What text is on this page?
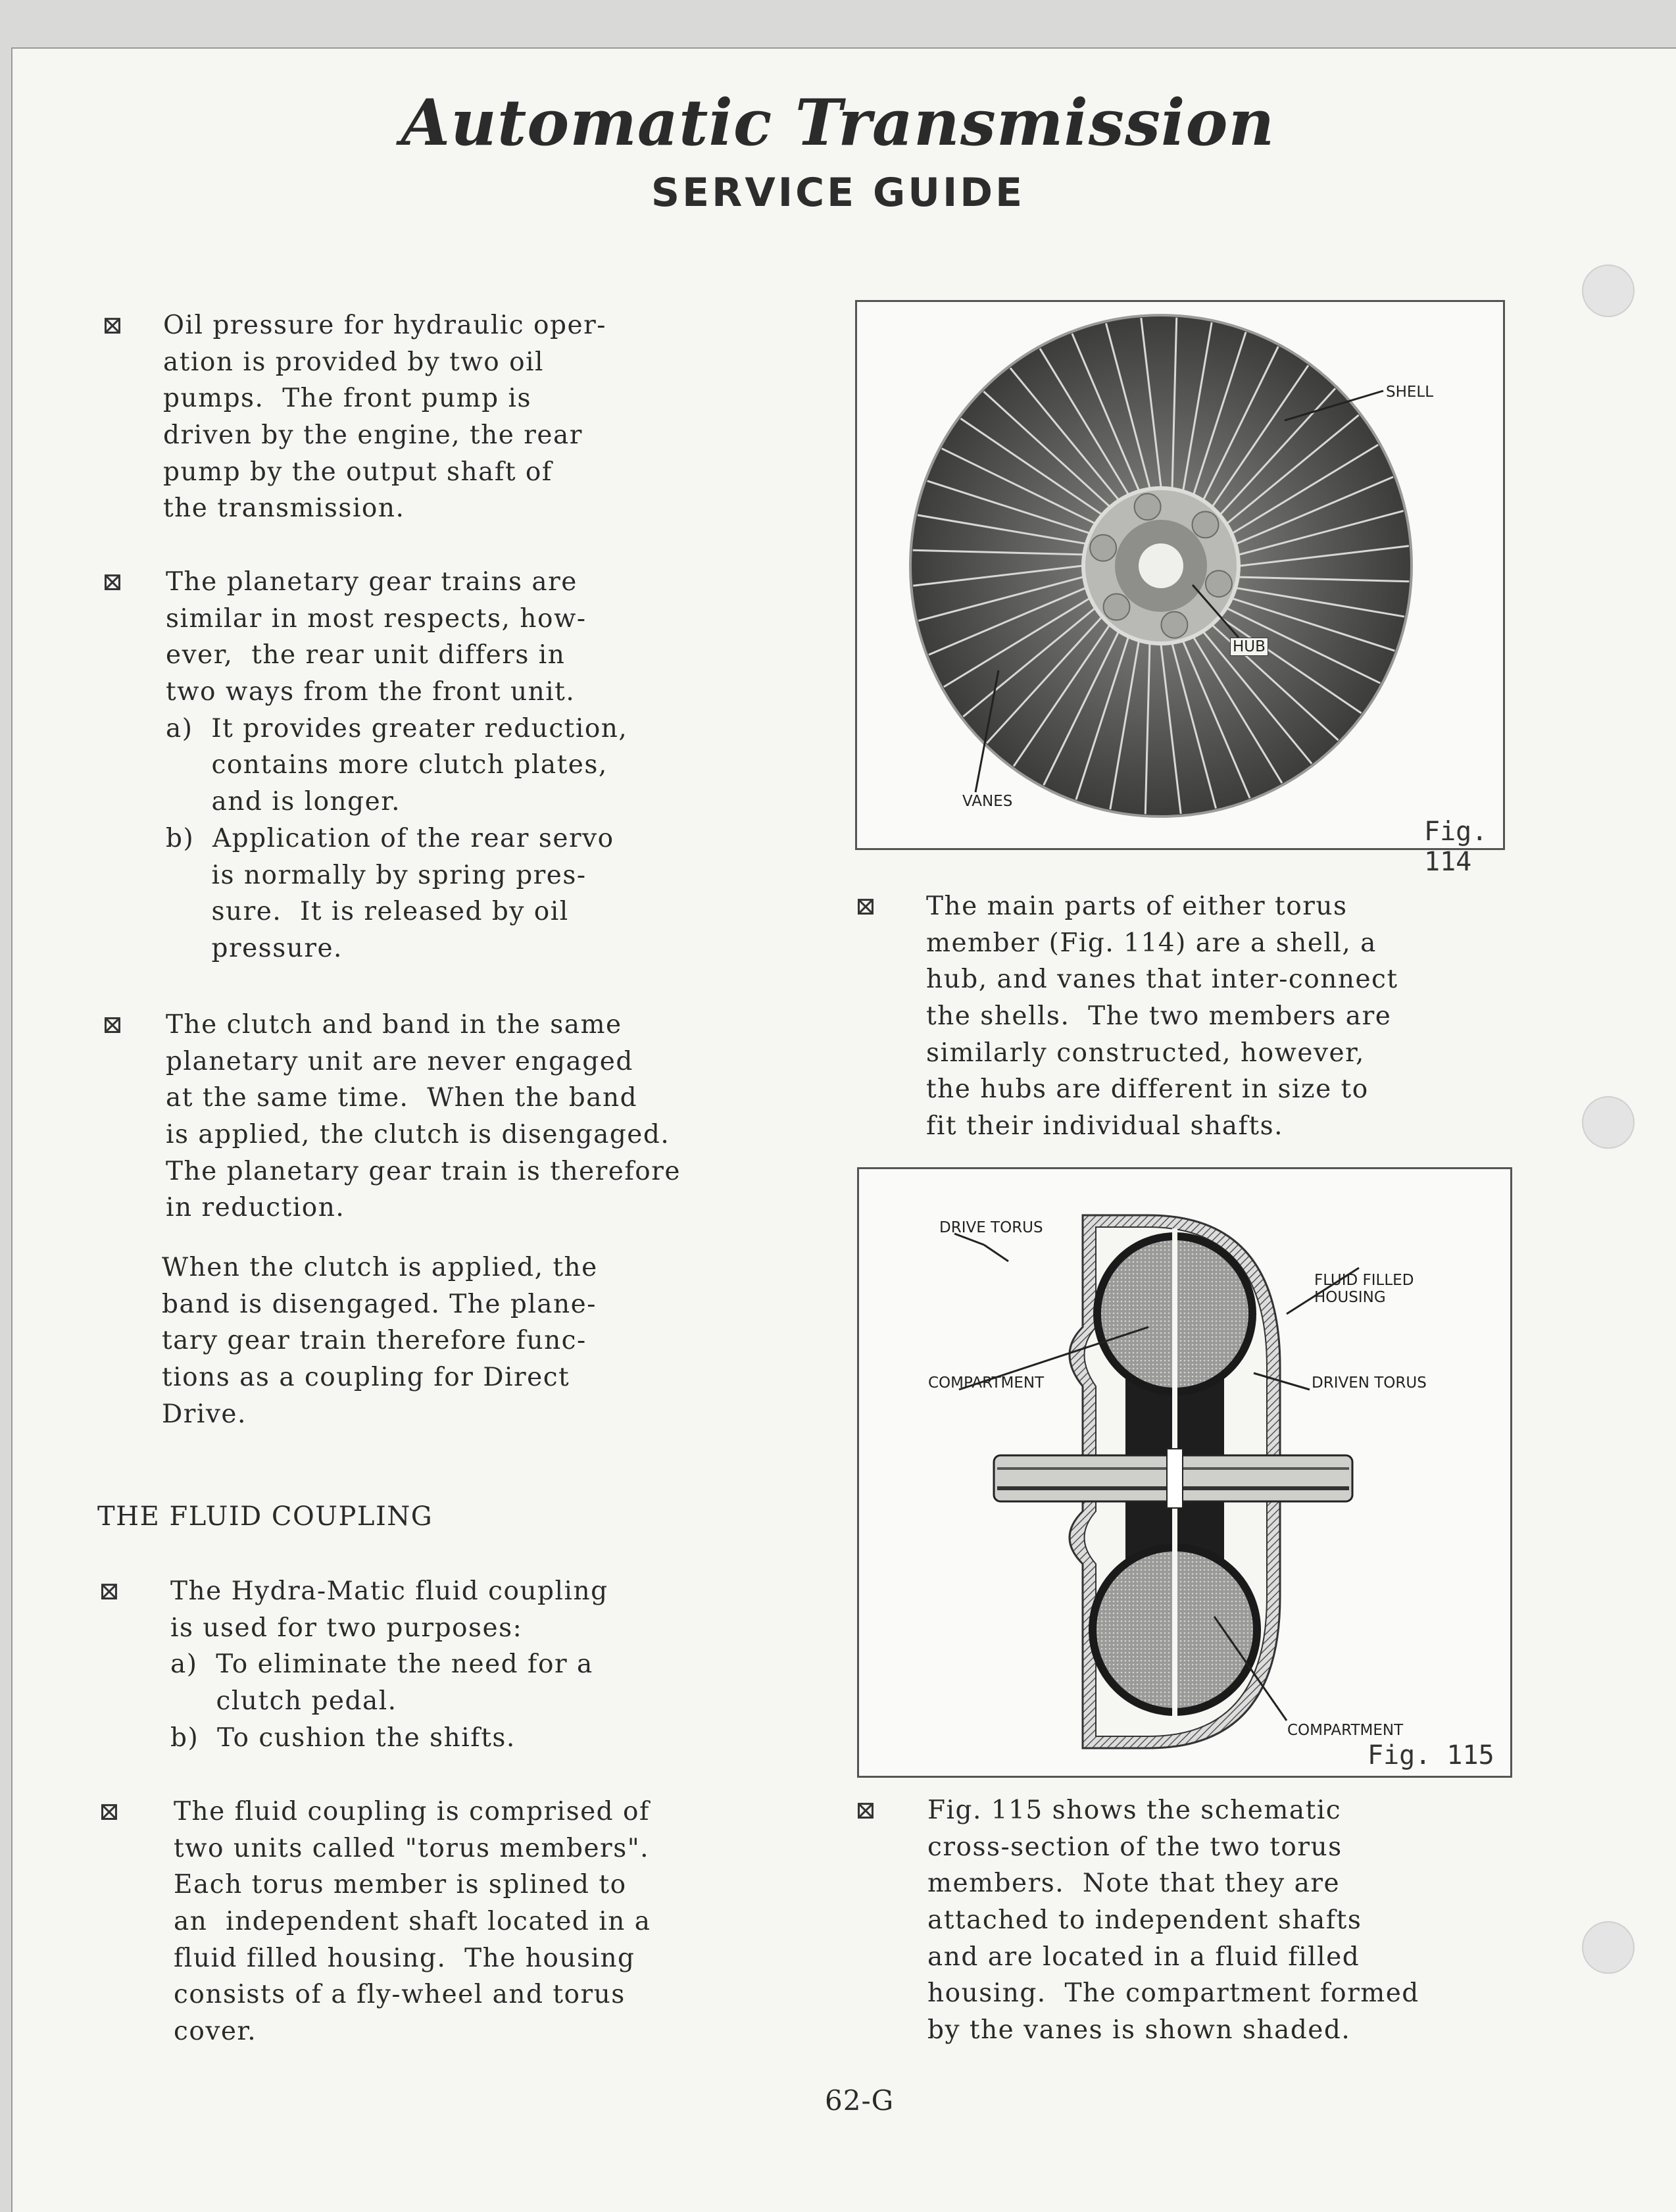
Automatic Transmission
SERVICE GUIDE
Oil pressure for hydraulic oper-
ation is provided by two oil
pumps.  The front pump is
driven by the engine, the rear
pump by the output shaft of
the transmission.
The planetary gear trains are
similar in most respects, how-
ever,  the rear unit differs in
two ways from the front unit.
a)  It provides greater reduction,
contains more clutch plates,
and is longer.
b)  Application of the rear servo
is normally by spring pres-
sure.  It is released by oil
pressure.
The clutch and band in the same
planetary unit are never engaged
at the same time.  When the band
is applied, the clutch is disengaged.
The planetary gear train is therefore
in reduction.
When the clutch is applied, the
band is disengaged. The plane-
tary gear train therefore func-
tions as a coupling for Direct
Drive.
THE FLUID COUPLING
The Hydra-Matic fluid coupling
is used for two purposes:
a)  To eliminate the need for a
clutch pedal.
b)  To cushion the shifts.
The fluid coupling is comprised of
two units called "torus members".
Each torus member is splined to
an  independent shaft located in a
fluid filled housing.  The housing
consists of a fly-wheel and torus
cover.
The main parts of either torus
member (Fig. 114) are a shell, a
hub, and vanes that inter-connect
the shells.  The two members are
similarly constructed, however,
the hubs are different in size to
fit their individual shafts.
Fig. 115 shows the schematic
cross-section of the two torus
members.  Note that they are
attached to independent shafts
and are located in a fluid filled
housing.  The compartment formed
by the vanes is shown shaded.
SHELL
HUB
VANES
Fig. 114
DRIVE TORUS
FLUID FILLED
HOUSING
COMPARTMENT	DRIVEN TORUS
COMPARTMENT
Fig. 115
62-G
⊠
⊠
⊠
⊠
⊠
⊠
⊠
